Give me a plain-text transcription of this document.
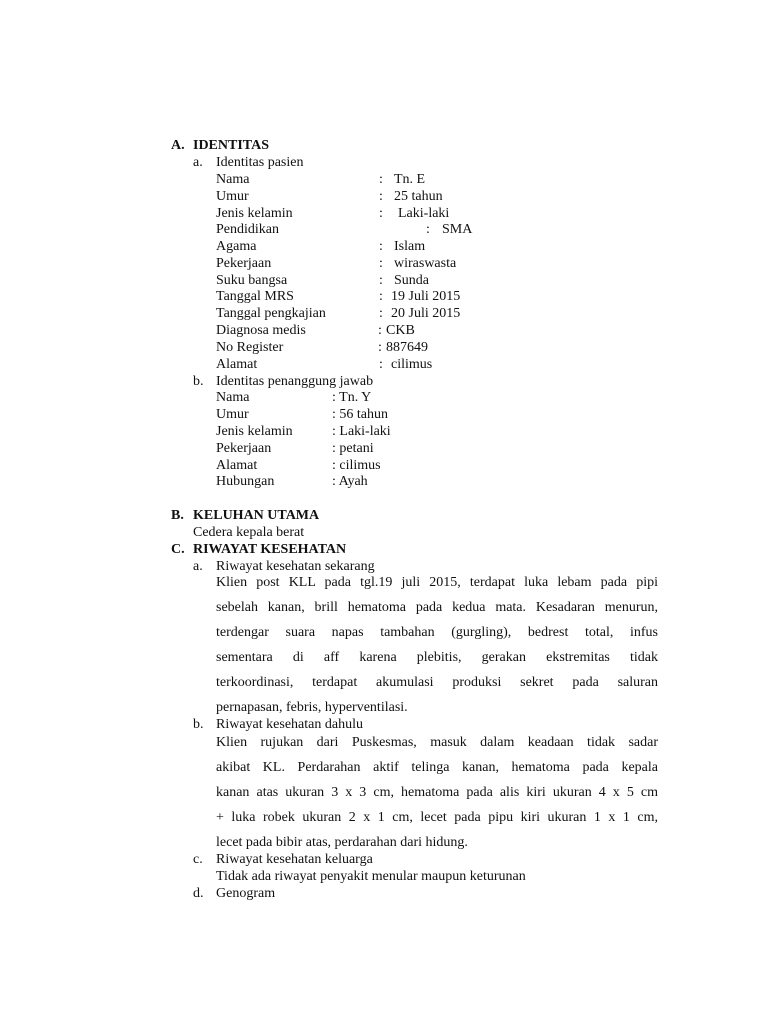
A. IDENTITAS
a. Identitas pasien
Nama	: Tn. E
Umur	: 25 tahun
Jenis kelamin	: Laki-laki
Pendidikan	: SMA
Agama	: Islam
Pekerjaan	: wiraswasta
Suku bangsa	: Sunda
Tanggal MRS	: 19 Juli 2015
Tanggal pengkajian	: 20 Juli 2015
Diagnosa medis	: CKB
No Register	: 887649
Alamat	: cilimus
b. Identitas penanggung jawab
Nama	: Tn. Y
Umur	: 56 tahun
Jenis kelamin	: Laki-laki
Pekerjaan	: petani
Alamat	: cilimus
Hubungan	: Ayah
B. KELUHAN UTAMA
Cedera kepala berat
C. RIWAYAT KESEHATAN
a. Riwayat kesehatan sekarang
Klien post KLL pada tgl.19 juli 2015, terdapat luka lebam pada pipi
sebelah kanan, brill hematoma pada kedua mata. Kesadaran menurun,
terdengar suara napas tambahan (gurgling), bedrest total, infus
sementara di aff karena plebitis, gerakan ekstremitas tidak
terkoordinasi, terdapat akumulasi produksi sekret pada saluran
pernapasan, febris, hyperventilasi.
b. Riwayat kesehatan dahulu
Klien rujukan dari Puskesmas, masuk dalam keadaan tidak sadar
akibat KL. Perdarahan aktif telinga kanan, hematoma pada kepala
kanan atas ukuran 3 x 3 cm, hematoma pada alis kiri ukuran 4 x 5 cm
+ luka robek ukuran 2 x 1 cm, lecet pada pipu kiri ukuran 1 x 1 cm,
lecet pada bibir atas, perdarahan dari hidung.
c. Riwayat kesehatan keluarga
Tidak ada riwayat penyakit menular maupun keturunan
d. Genogram
